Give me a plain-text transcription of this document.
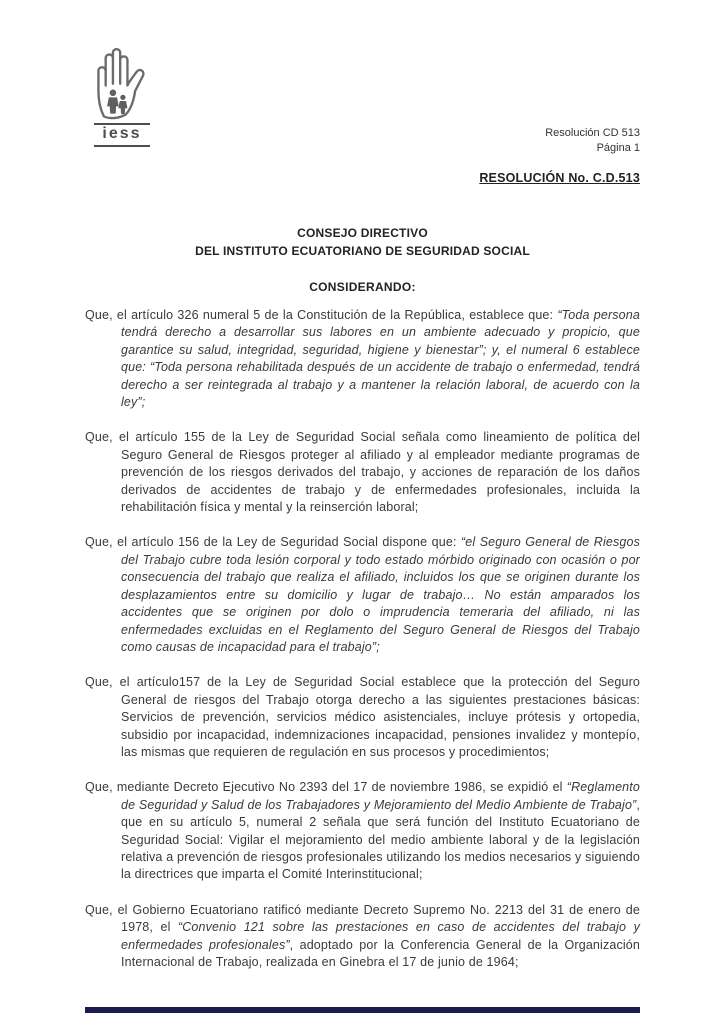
iess	Resolución CD 513
Página 1
RESOLUCIÓN No. C.D.513
CONSEJO DIRECTIVO
DEL INSTITUTO ECUATORIANO DE SEGURIDAD SOCIAL
CONSIDERANDO:

Que, el artículo 326 numeral 5 de la Constitución de la República, establece que: “Toda persona tendrá derecho a desarrollar sus labores en un ambiente adecuado y propicio, que garantice su salud, integridad, seguridad, higiene y bienestar”; y, el numeral 6 establece que: “Toda persona rehabilitada después de un accidente de trabajo o enfermedad, tendrá derecho a ser reintegrada al trabajo y a mantener la relación laboral, de acuerdo con la ley”;

Que, el artículo 155 de la Ley de Seguridad Social señala como lineamiento de política del Seguro General de Riesgos proteger al afiliado y al empleador mediante programas de prevención de los riesgos derivados del trabajo, y acciones de reparación de los daños derivados de accidentes de trabajo y de enfermedades profesionales, incluida la rehabilitación física y mental y la reinserción laboral;

Que, el artículo 156 de la Ley de Seguridad Social dispone que: “el Seguro General de Riesgos del Trabajo cubre toda lesión corporal y todo estado mórbido originado con ocasión o por consecuencia del trabajo que realiza el afiliado, incluidos los que se originen durante los desplazamientos entre su domicilio y lugar de trabajo… No están amparados los accidentes que se originen por dolo o imprudencia temeraria del afiliado, ni las enfermedades excluidas en el Reglamento del Seguro General de Riesgos del Trabajo como causas de incapacidad para el trabajo”;

Que, el artículo157 de la Ley de Seguridad Social establece que la protección del Seguro General de riesgos del Trabajo otorga derecho a las siguientes prestaciones básicas: Servicios de prevención, servicios médico asistenciales, incluye prótesis y ortopedia, subsidio por incapacidad, indemnizaciones incapacidad, pensiones invalidez y montepío, las mismas que requieren de regulación en sus procesos y procedimientos;

Que, mediante Decreto Ejecutivo No 2393 del 17 de noviembre 1986, se expidió el “Reglamento de Seguridad y Salud de los Trabajadores y Mejoramiento del Medio Ambiente de Trabajo”, que en su artículo 5, numeral 2 señala que será función del Instituto Ecuatoriano de Seguridad Social: Vigilar el mejoramiento del medio ambiente laboral y de la legislación relativa a prevención de riesgos profesionales utilizando los medios necesarios y siguiendo la directrices que imparta el Comité Interinstitucional;

Que, el Gobierno Ecuatoriano ratificó mediante Decreto Supremo No. 2213 del 31 de enero de 1978, el “Convenio 121 sobre las prestaciones en caso de accidentes del trabajo y enfermedades profesionales”, adoptado por la Conferencia General de la Organización Internacional de Trabajo, realizada en Ginebra el 17 de junio de 1964;
